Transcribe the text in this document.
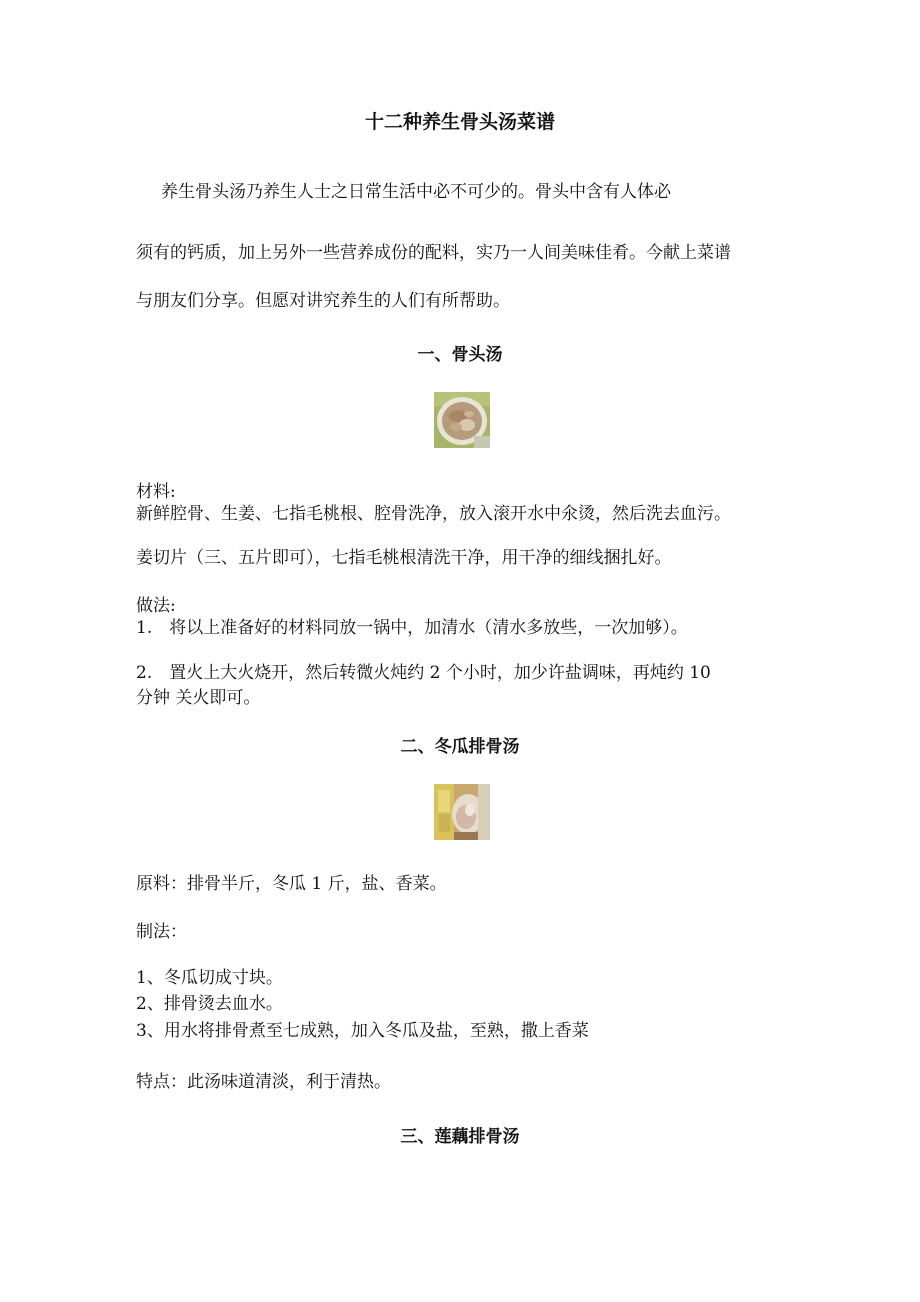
十二种养生骨头汤菜谱
养生骨头汤乃养生人士之日常生活中必不可少的。骨头中含有人体必
须有的钙质，加上另外一些营养成份的配料，实乃一人间美味佳肴。今献上菜谱
与朋友们分享。但愿对讲究养生的人们有所帮助。
一、骨头汤
材料:
新鲜腔骨、生姜、七指毛桃根、腔骨洗净，放入滚开水中氽烫，然后洗去血污。
姜切片（三、五片即可），七指毛桃根清洗干净，用干净的细线捆扎好。
做法:
1.　将以上准备好的材料同放一锅中，加清水（清水多放些，一次加够）。
2.　置火上大火烧开，然后转微火炖约 2 个小时，加少许盐调味，再炖约 10
分钟 关火即可。
二、冬瓜排骨汤
原料：排骨半斤，冬瓜 1 斤，盐、香菜。
制法：
1、冬瓜切成寸块。
2、排骨烫去血水。
3、用水将排骨煮至七成熟，加入冬瓜及盐，至熟，撒上香菜
特点：此汤味道清淡，利于清热。
三、莲藕排骨汤
